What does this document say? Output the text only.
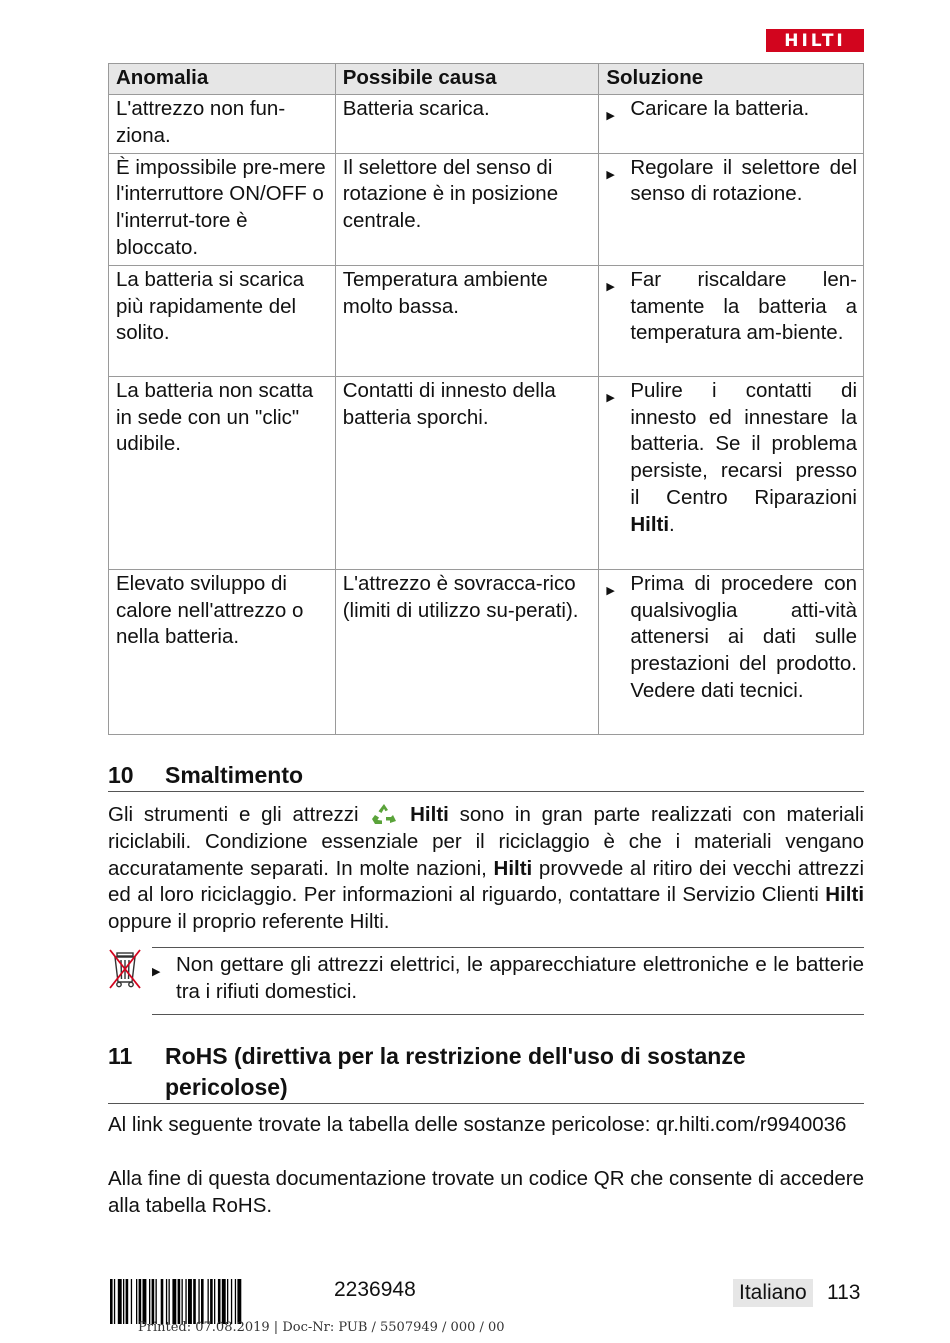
HILTI
Anomalia	Possibile causa	Soluzione
L'attrezzo non fun-ziona.	Batteria scarica.	▶ Caricare la batteria.

È impossibile pre-mere l'interruttore ON/OFF o l'interrut-tore è bloccato.	Il selettore del senso di rotazione è in posizione centrale.	▶ Regolare il selettore del senso di rotazione.

La batteria si scarica più rapidamente del solito.	Temperatura ambiente molto bassa.	▶ Far riscaldare len-tamente la batteria a temperatura am-biente.

La batteria non scatta in sede con un "clic" udibile.	Contatti di innesto della batteria sporchi.	▶ Pulire i contatti di innesto ed innestare la batteria. Se il problema persiste, recarsi presso il Centro Riparazioni Hilti.

Elevato sviluppo di calore nell'attrezzo o nella batteria.	L'attrezzo è sovracca-rico (limiti di utilizzo su-perati).	▶ Prima di procedere con qualsivoglia atti-vità attenersi ai dati sulle prestazioni del prodotto. Vedere dati tecnici.
10	Smaltimento

Gli strumenti e gli attrezzi	Hilti sono in gran parte realizzati con materiali riciclabili. Condizione essenziale per il riciclaggio è che i materiali vengano accuratamente separati. In molte nazioni, Hilti provvede al ritiro dei vecchi attrezzi ed al loro riciclaggio. Per informazioni al riguardo, contattare il Servizio Clienti Hilti oppure il proprio referente Hilti.

▶ Non gettare gli attrezzi elettrici, le apparecchiature elettroniche e le batterie tra i rifiuti domestici.
11	RoHS (direttiva per la restrizione dell'uso di sostanze pericolose)

Al link seguente trovate la tabella delle sostanze pericolose: qr.hilti.com/r9940036

Alla fine di questa documentazione trovate un codice QR che consente di accedere alla tabella RoHS.

2236948	Italiano 113
Printed: 07.08.2019 | Doc-Nr: PUB / 5507949 / 000 / 00
